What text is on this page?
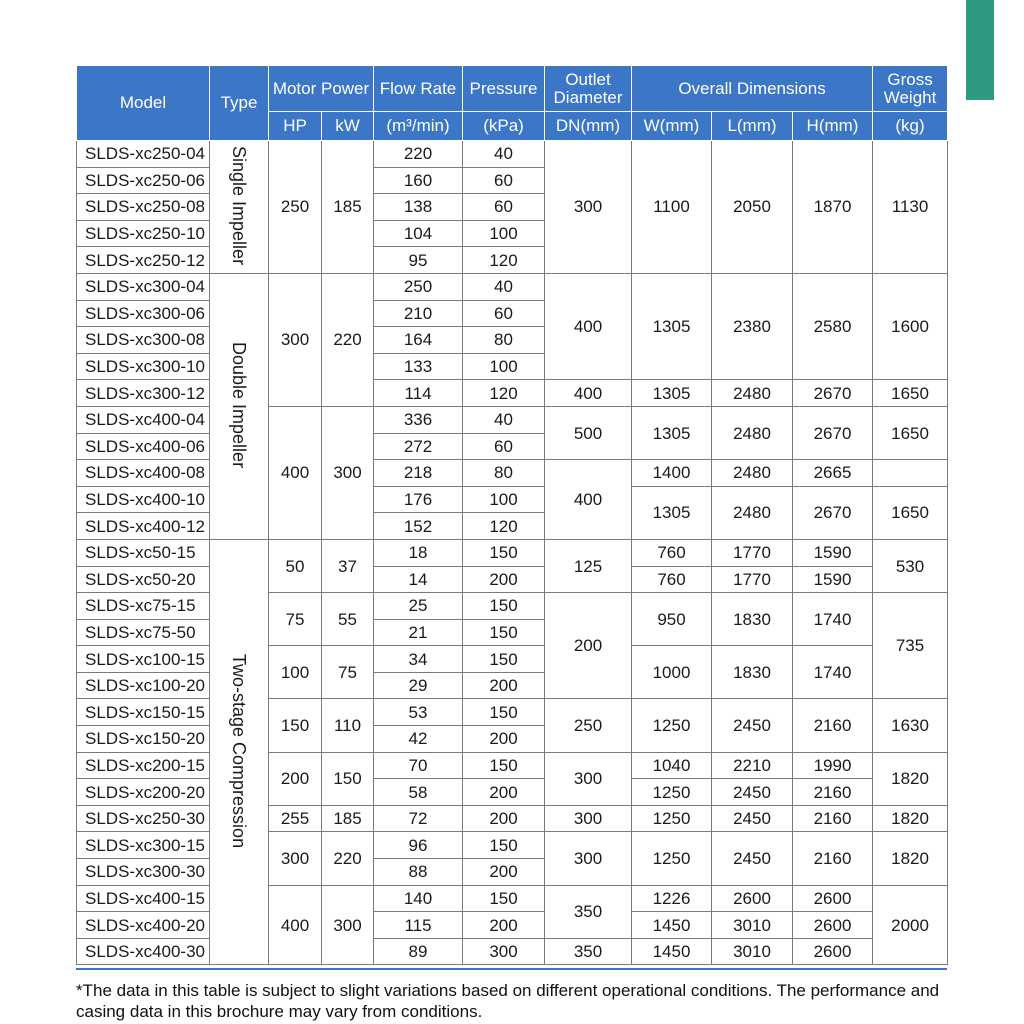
Model	Type	Motor Power		Flow Rate	Pressure	Outlet Diameter	Overall Dimensions			Gross Weight
		HP	kW	(m³/min)	(kPa)	DN(mm)	W(mm)	L(mm)	H(mm)	(kg)
SLDS-xc250-04	Single Impeller	250	185	220	40	300	1100	2050	1870	1130
SLDS-xc250-06				160	60					
SLDS-xc250-08				138	60					
SLDS-xc250-10				104	100					
SLDS-xc250-12				95	120					
SLDS-xc300-04	Double Impeller	300	220	250	40	400	1305	2380	2580	1600
SLDS-xc300-06				210	60					
SLDS-xc300-08				164	80					
SLDS-xc300-10				133	100					
SLDS-xc300-12				114	120	400	1305	2480	2670	1650
SLDS-xc400-04		400	300	336	40	500	1305	2480	2670	1650
SLDS-xc400-06				272	60					
SLDS-xc400-08				218	80	400	1400	2480	2665	
SLDS-xc400-10				176	100		1305	2480	2670	1650
SLDS-xc400-12				152	120					
SLDS-xc50-15	Two-stage Compression	50	37	18	150	125	760	1770	1590	530
SLDS-xc50-20				14	200		760	1770	1590	
SLDS-xc75-15		75	55	25	150	200	950	1830	1740	735
SLDS-xc75-50				21	150					
SLDS-xc100-15		100	75	34	150		1000	1830	1740	
SLDS-xc100-20				29	200					
SLDS-xc150-15		150	110	53	150	250	1250	2450	2160	1630
SLDS-xc150-20				42	200					
SLDS-xc200-15		200	150	70	150	300	1040	2210	1990	1820
SLDS-xc200-20				58	200		1250	2450	2160	
SLDS-xc250-30		255	185	72	200	300	1250	2450	2160	1820
SLDS-xc300-15		300	220	96	150	300	1250	2450	2160	1820
SLDS-xc300-30				88	200					
SLDS-xc400-15		400	300	140	150	350	1226	2600	2600	2000
SLDS-xc400-20				115	200		1450	3010	2600	
SLDS-xc400-30				89	300	350	1450	3010	2600	
*The data in this table is subject to slight variations based on different operational conditions. The performance and casing data in this brochure may vary from conditions.
